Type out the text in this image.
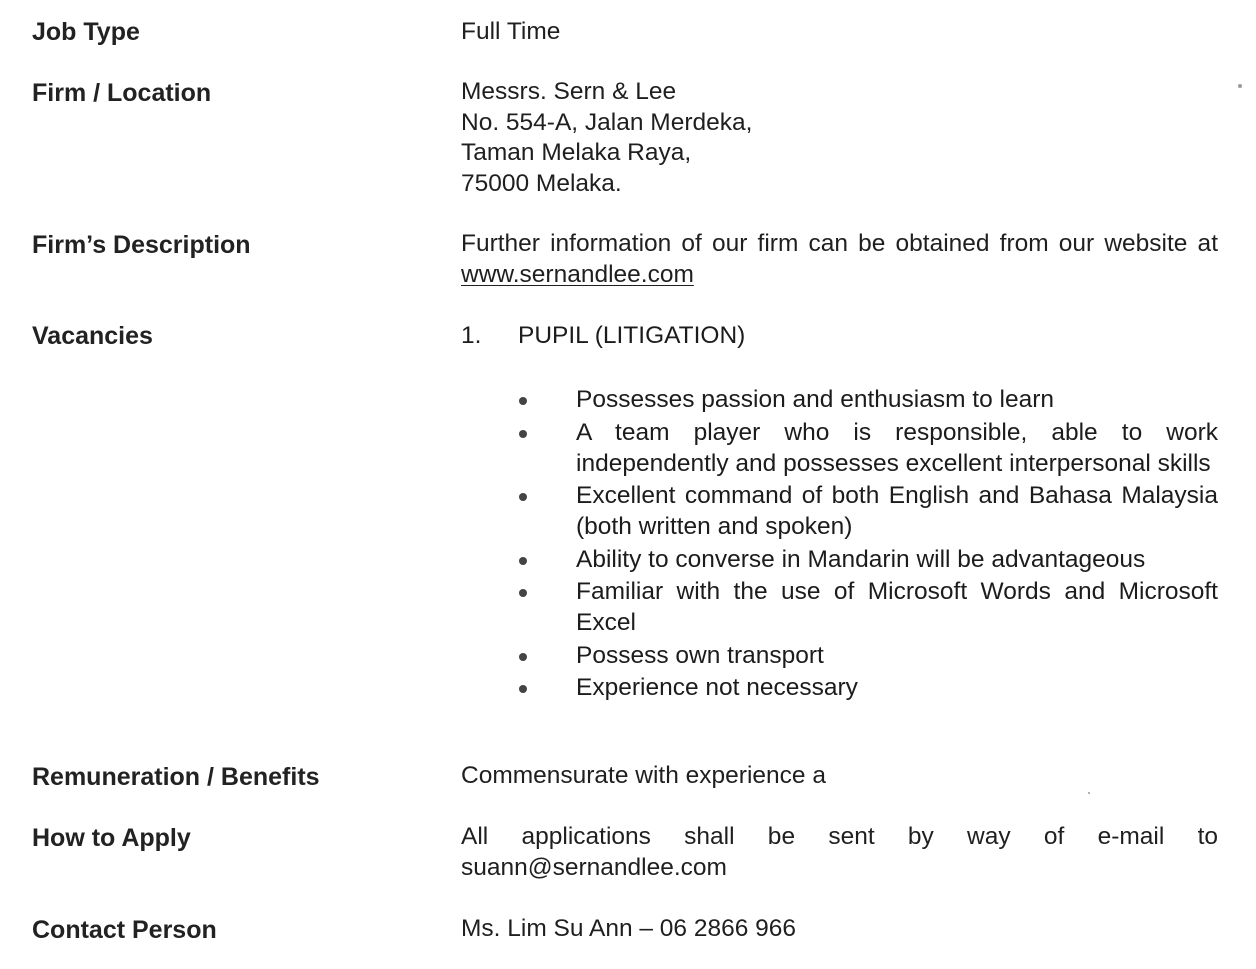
Job Type	Full Time
Firm / Location	Messrs. Sern & Lee
No. 554-A, Jalan Merdeka,
Taman Melaka Raya,
75000 Melaka.
Firm’s Description	Further information of our firm can be obtained from our website at www.sernandlee.com
Vacancies	1. PUPIL (LITIGATION)
Possesses passion and enthusiasm to learn
A team player who is responsible, able to work independently and possesses excellent interpersonal skills
Excellent command of both English and Bahasa Malaysia (both written and spoken)
Ability to converse in Mandarin will be advantageous
Familiar with the use of Microsoft Words and Microsoft Excel
Possess own transport
Experience not necessary
Remuneration / Benefits	Commensurate with experience a
How to Apply	All applications shall be sent by way of e-mail to suann@sernandlee.com
Contact Person	Ms. Lim Su Ann – 06 2866 966
